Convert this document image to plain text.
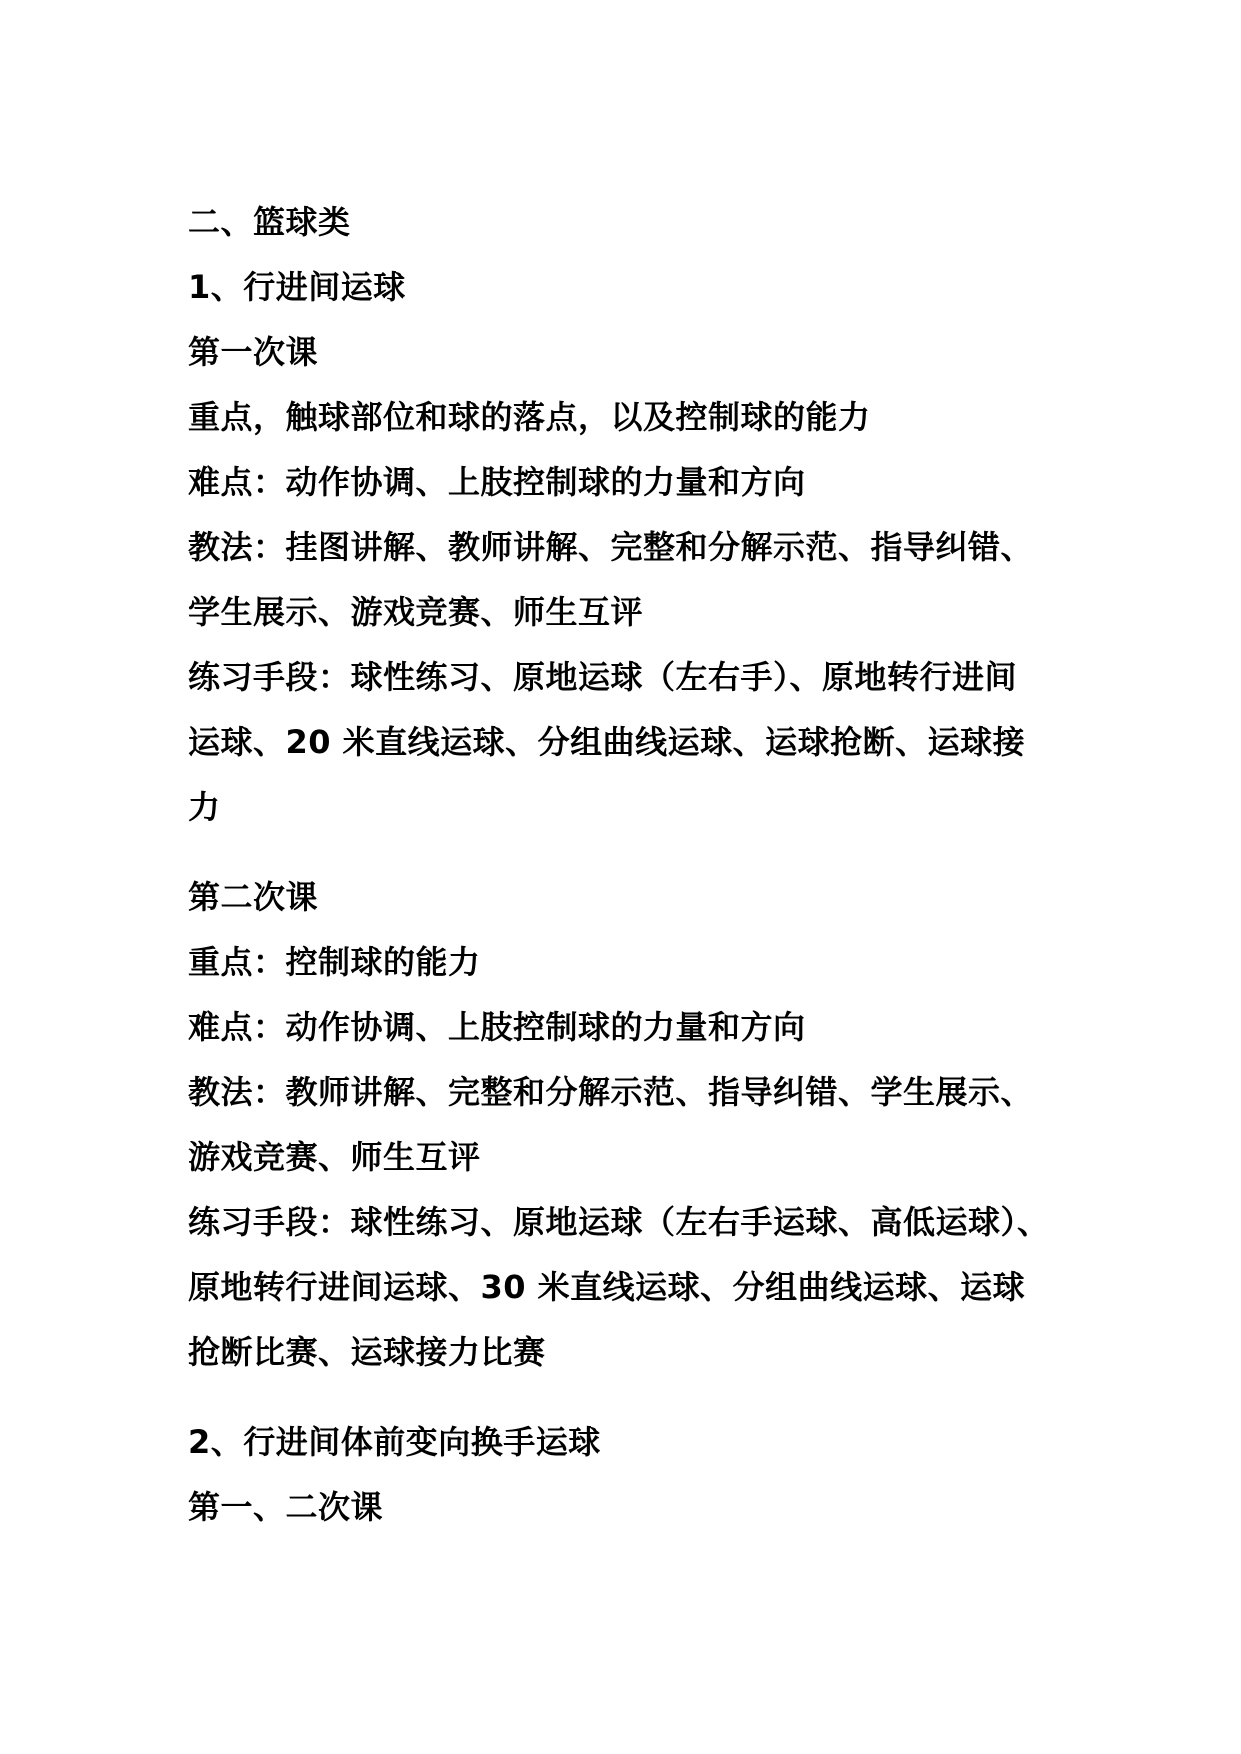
二、篮球类
1、行进间运球
第一次课
重点，触球部位和球的落点，以及控制球的能力
难点：动作协调、上肢控制球的力量和方向
教法：挂图讲解、教师讲解、完整和分解示范、指导纠错、
学生展示、游戏竞赛、师生互评
练习手段：球性练习、原地运球（左右手）、原地转行进间
运球、20 米直线运球、分组曲线运球、运球抢断、运球接
力
第二次课
重点：控制球的能力
难点：动作协调、上肢控制球的力量和方向
教法：教师讲解、完整和分解示范、指导纠错、学生展示、
游戏竞赛、师生互评
练习手段：球性练习、原地运球（左右手运球、高低运球）、
原地转行进间运球、30 米直线运球、分组曲线运球、运球
抢断比赛、运球接力比赛
2、行进间体前变向换手运球
第一、二次课
